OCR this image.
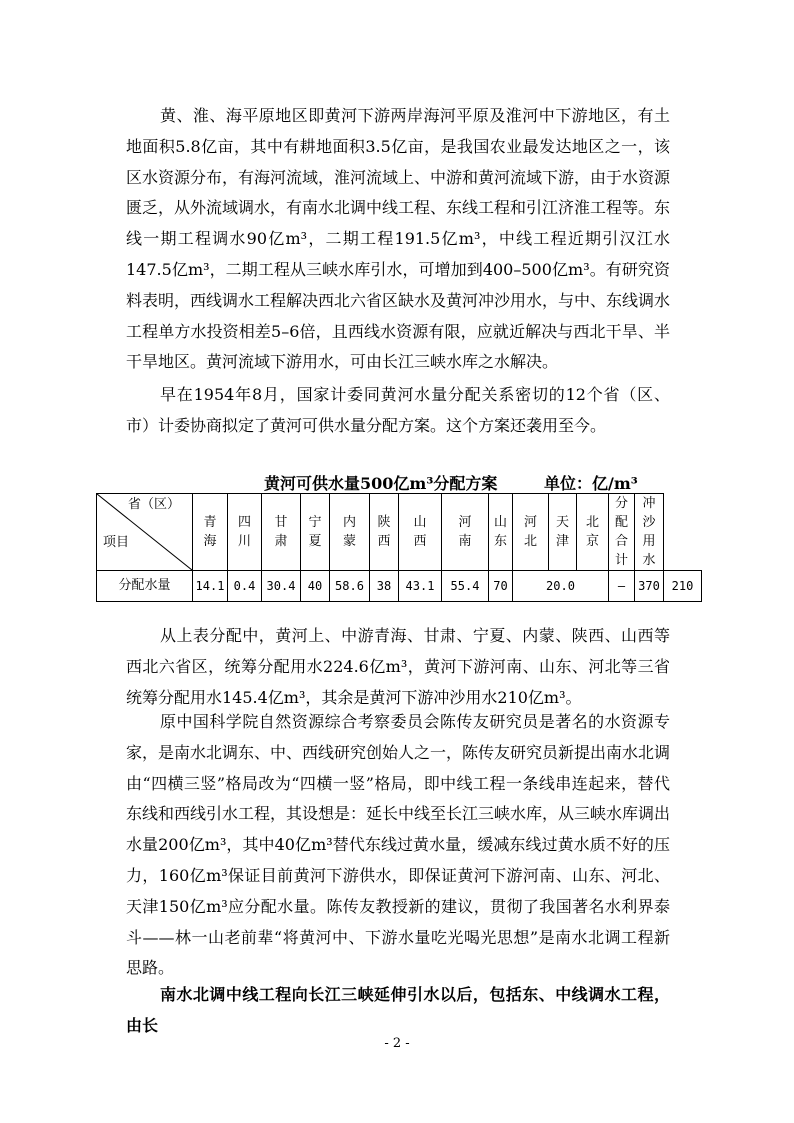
黄、淮、海平原地区即黄河下游两岸海河平原及淮河中下游地区，有土地面积5.8亿亩，其中有耕地面积3.5亿亩，是我国农业最发达地区之一，该区水资源分布，有海河流域，淮河流域上、中游和黄河流域下游，由于水资源匮乏，从外流域调水，有南水北调中线工程、东线工程和引江济淮工程等。东线一期工程调水90亿m³，二期工程191.5亿m³，中线工程近期引汉江水147.5亿m³，二期工程从三峡水库引水，可增加到400–500亿m³。有研究资料表明，西线调水工程解决西北六省区缺水及黄河冲沙用水，与中、东线调水工程单方水投资相差5–6倍，且西线水资源有限，应就近解决与西北干旱、半干旱地区。黄河流域下游用水，可由长江三峡水库之水解决。

早在1954年8月，国家计委同黄河水量分配关系密切的12个省（区、市）计委协商拟定了黄河可供水量分配方案。这个方案还袭用至今。

黄河可供水量500亿m³分配方案	单位：亿/m³
省（区）
项目	青海	四川	甘肃	宁夏	内蒙	陕西	山西	河南	山东	河北	天津	北京	分配合计	冲沙用水	
分配水量	14.1	0.4	30.4	40	58.6	38	43.1	55.4	70	20.0			–	370	210

从上表分配中，黄河上、中游青海、甘肃、宁夏、内蒙、陕西、山西等西北六省区，统筹分配用水224.6亿m³，黄河下游河南、山东、河北等三省统筹分配用水145.4亿m³，其余是黄河下游冲沙用水210亿m³。

原中国科学院自然资源综合考察委员会陈传友研究员是著名的水资源专家，是南水北调东、中、西线研究创始人之一，陈传友研究员新提出南水北调由“四横三竖”格局改为“四横一竖”格局，即中线工程一条线串连起来，替代东线和西线引水工程，其设想是：延长中线至长江三峡水库，从三峡水库调出水量200亿m³，其中40亿m³替代东线过黄水量，缓减东线过黄水质不好的压力，160亿m³保证目前黄河下游供水，即保证黄河下游河南、山东、河北、天津150亿m³应分配水量。陈传友教授新的建议，贯彻了我国著名水利界泰斗——林一山老前辈“将黄河中、下游水量吃光喝光思想”是南水北调工程新思路。

南水北调中线工程向长江三峡延伸引水以后，包括东、中线调水工程，由长

- 2 -
